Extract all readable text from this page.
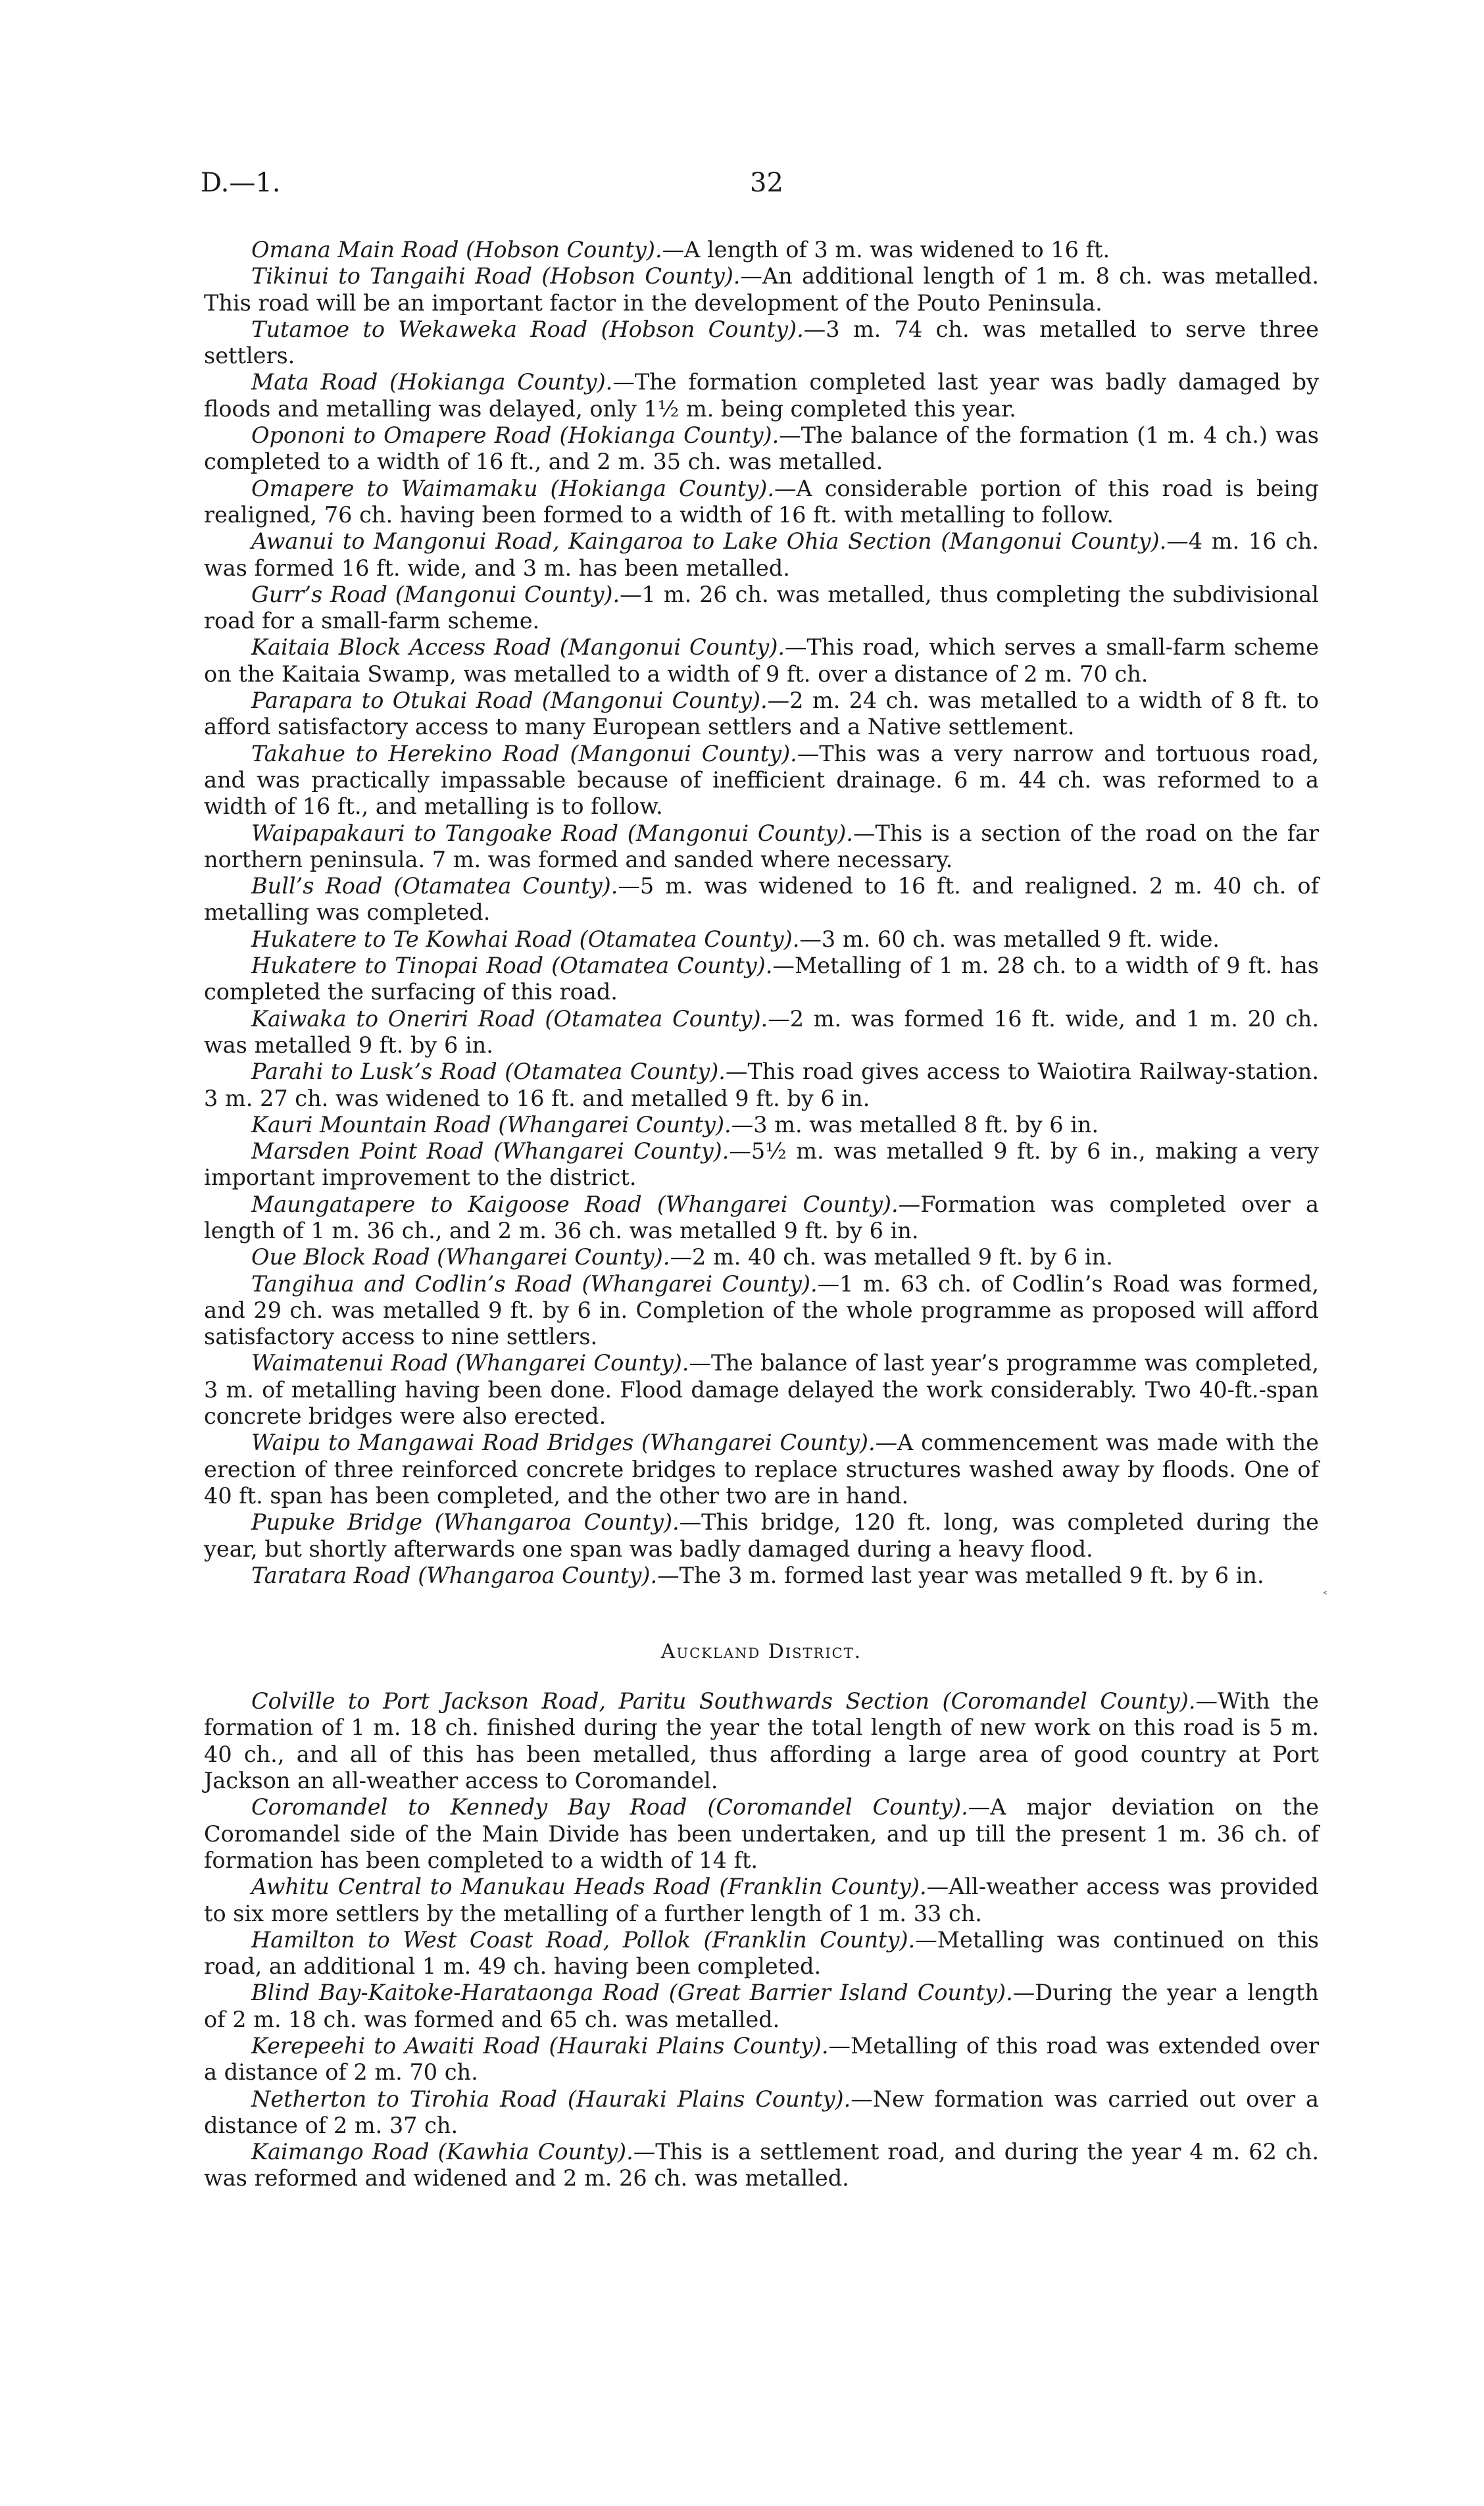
D.—1.	32

Omana Main Road (Hobson County).—A length of 3 m. was widened to 16 ft.

Tikinui to Tangaihi Road (Hobson County).—An additional length of 1 m. 8 ch. was metalled. This road will be an important factor in the development of the Pouto Peninsula.

Tutamoe to Wekaweka Road (Hobson County).—3 m. 74 ch. was metalled to serve three settlers.

Mata Road (Hokianga County).—The formation completed last year was badly damaged by floods and metalling was delayed, only 1½ m. being completed this year.

Opononi to Omapere Road (Hokianga County).—The balance of the formation (1 m. 4 ch.) was completed to a width of 16 ft., and 2 m. 35 ch. was metalled.

Omapere to Waimamaku (Hokianga County).—A considerable portion of this road is being realigned, 76 ch. having been formed to a width of 16 ft. with metalling to follow.

Awanui to Mangonui Road, Kaingaroa to Lake Ohia Section (Mangonui County).—4 m. 16 ch. was formed 16 ft. wide, and 3 m. has been metalled.

Gurr’s Road (Mangonui County).—1 m. 26 ch. was metalled, thus completing the subdivisional road for a small-farm scheme.

Kaitaia Block Access Road (Mangonui County).—This road, which serves a small-farm scheme on the Kaitaia Swamp, was metalled to a width of 9 ft. over a distance of 2 m. 70 ch.

Parapara to Otukai Road (Mangonui County).—2 m. 24 ch. was metalled to a width of 8 ft. to afford satisfactory access to many European settlers and a Native settlement.

Takahue to Herekino Road (Mangonui County).—This was a very narrow and tortuous road, and was practically impassable because of inefficient drainage. 6 m. 44 ch. was reformed to a width of 16 ft., and metalling is to follow.

Waipapakauri to Tangoake Road (Mangonui County).—This is a section of the road on the far northern peninsula. 7 m. was formed and sanded where necessary.

Bull’s Road (Otamatea County).—5 m. was widened to 16 ft. and realigned. 2 m. 40 ch. of metalling was completed.

Hukatere to Te Kowhai Road (Otamatea County).—3 m. 60 ch. was metalled 9 ft. wide.

Hukatere to Tinopai Road (Otamatea County).—Metalling of 1 m. 28 ch. to a width of 9 ft. has completed the surfacing of this road.

Kaiwaka to Oneriri Road (Otamatea County).—2 m. was formed 16 ft. wide, and 1 m. 20 ch. was metalled 9 ft. by 6 in.

Parahi to Lusk’s Road (Otamatea County).—This road gives access to Waiotira Railway-station. 3 m. 27 ch. was widened to 16 ft. and metalled 9 ft. by 6 in.

Kauri Mountain Road (Whangarei County).—3 m. was metalled 8 ft. by 6 in.

Marsden Point Road (Whangarei County).—5½ m. was metalled 9 ft. by 6 in., making a very important improvement to the district.

Maungatapere to Kaigoose Road (Whangarei County).—Formation was completed over a length of 1 m. 36 ch., and 2 m. 36 ch. was metalled 9 ft. by 6 in.

Oue Block Road (Whangarei County).—2 m. 40 ch. was metalled 9 ft. by 6 in.

Tangihua and Codlin’s Road (Whangarei County).—1 m. 63 ch. of Codlin’s Road was formed, and 29 ch. was metalled 9 ft. by 6 in. Completion of the whole programme as proposed will afford satisfactory access to nine settlers.

Waimatenui Road (Whangarei County).—The balance of last year’s programme was completed, 3 m. of metalling having been done. Flood damage delayed the work considerably. Two 40-ft.-span concrete bridges were also erected.

Waipu to Mangawai Road Bridges (Whangarei County).—A commencement was made with the erection of three reinforced concrete bridges to replace structures washed away by floods. One of 40 ft. span has been completed, and the other two are in hand.

Pupuke Bridge (Whangaroa County).—This bridge, 120 ft. long, was completed during the year, but shortly afterwards one span was badly damaged during a heavy flood.

Taratara Road (Whangaroa County).—The 3 m. formed last year was metalled 9 ft. by 6 in.

Auckland District.

Colville to Port Jackson Road, Paritu Southwards Section (Coromandel County).—With the formation of 1 m. 18 ch. finished during the year the total length of new work on this road is 5 m. 40 ch., and all of this has been metalled, thus affording a large area of good country at Port Jackson an all-weather access to Coromandel.

Coromandel to Kennedy Bay Road (Coromandel County).—A major deviation on the Coromandel side of the Main Divide has been undertaken, and up till the present 1 m. 36 ch. of formation has been completed to a width of 14 ft.

Awhitu Central to Manukau Heads Road (Franklin County).—All-weather access was provided to six more settlers by the metalling of a further length of 1 m. 33 ch.

Hamilton to West Coast Road, Pollok (Franklin County).—Metalling was continued on this road, an additional 1 m. 49 ch. having been completed.

Blind Bay-Kaitoke-Harataonga Road (Great Barrier Island County).—During the year a length of 2 m. 18 ch. was formed and 65 ch. was metalled.

Kerepeehi to Awaiti Road (Hauraki Plains County).—Metalling of this road was extended over a distance of 2 m. 70 ch.

Netherton to Tirohia Road (Hauraki Plains County).—New formation was carried out over a distance of 2 m. 37 ch.

Kaimango Road (Kawhia County).—This is a settlement road, and during the year 4 m. 62 ch. was reformed and widened and 2 m. 26 ch. was metalled.

˂
